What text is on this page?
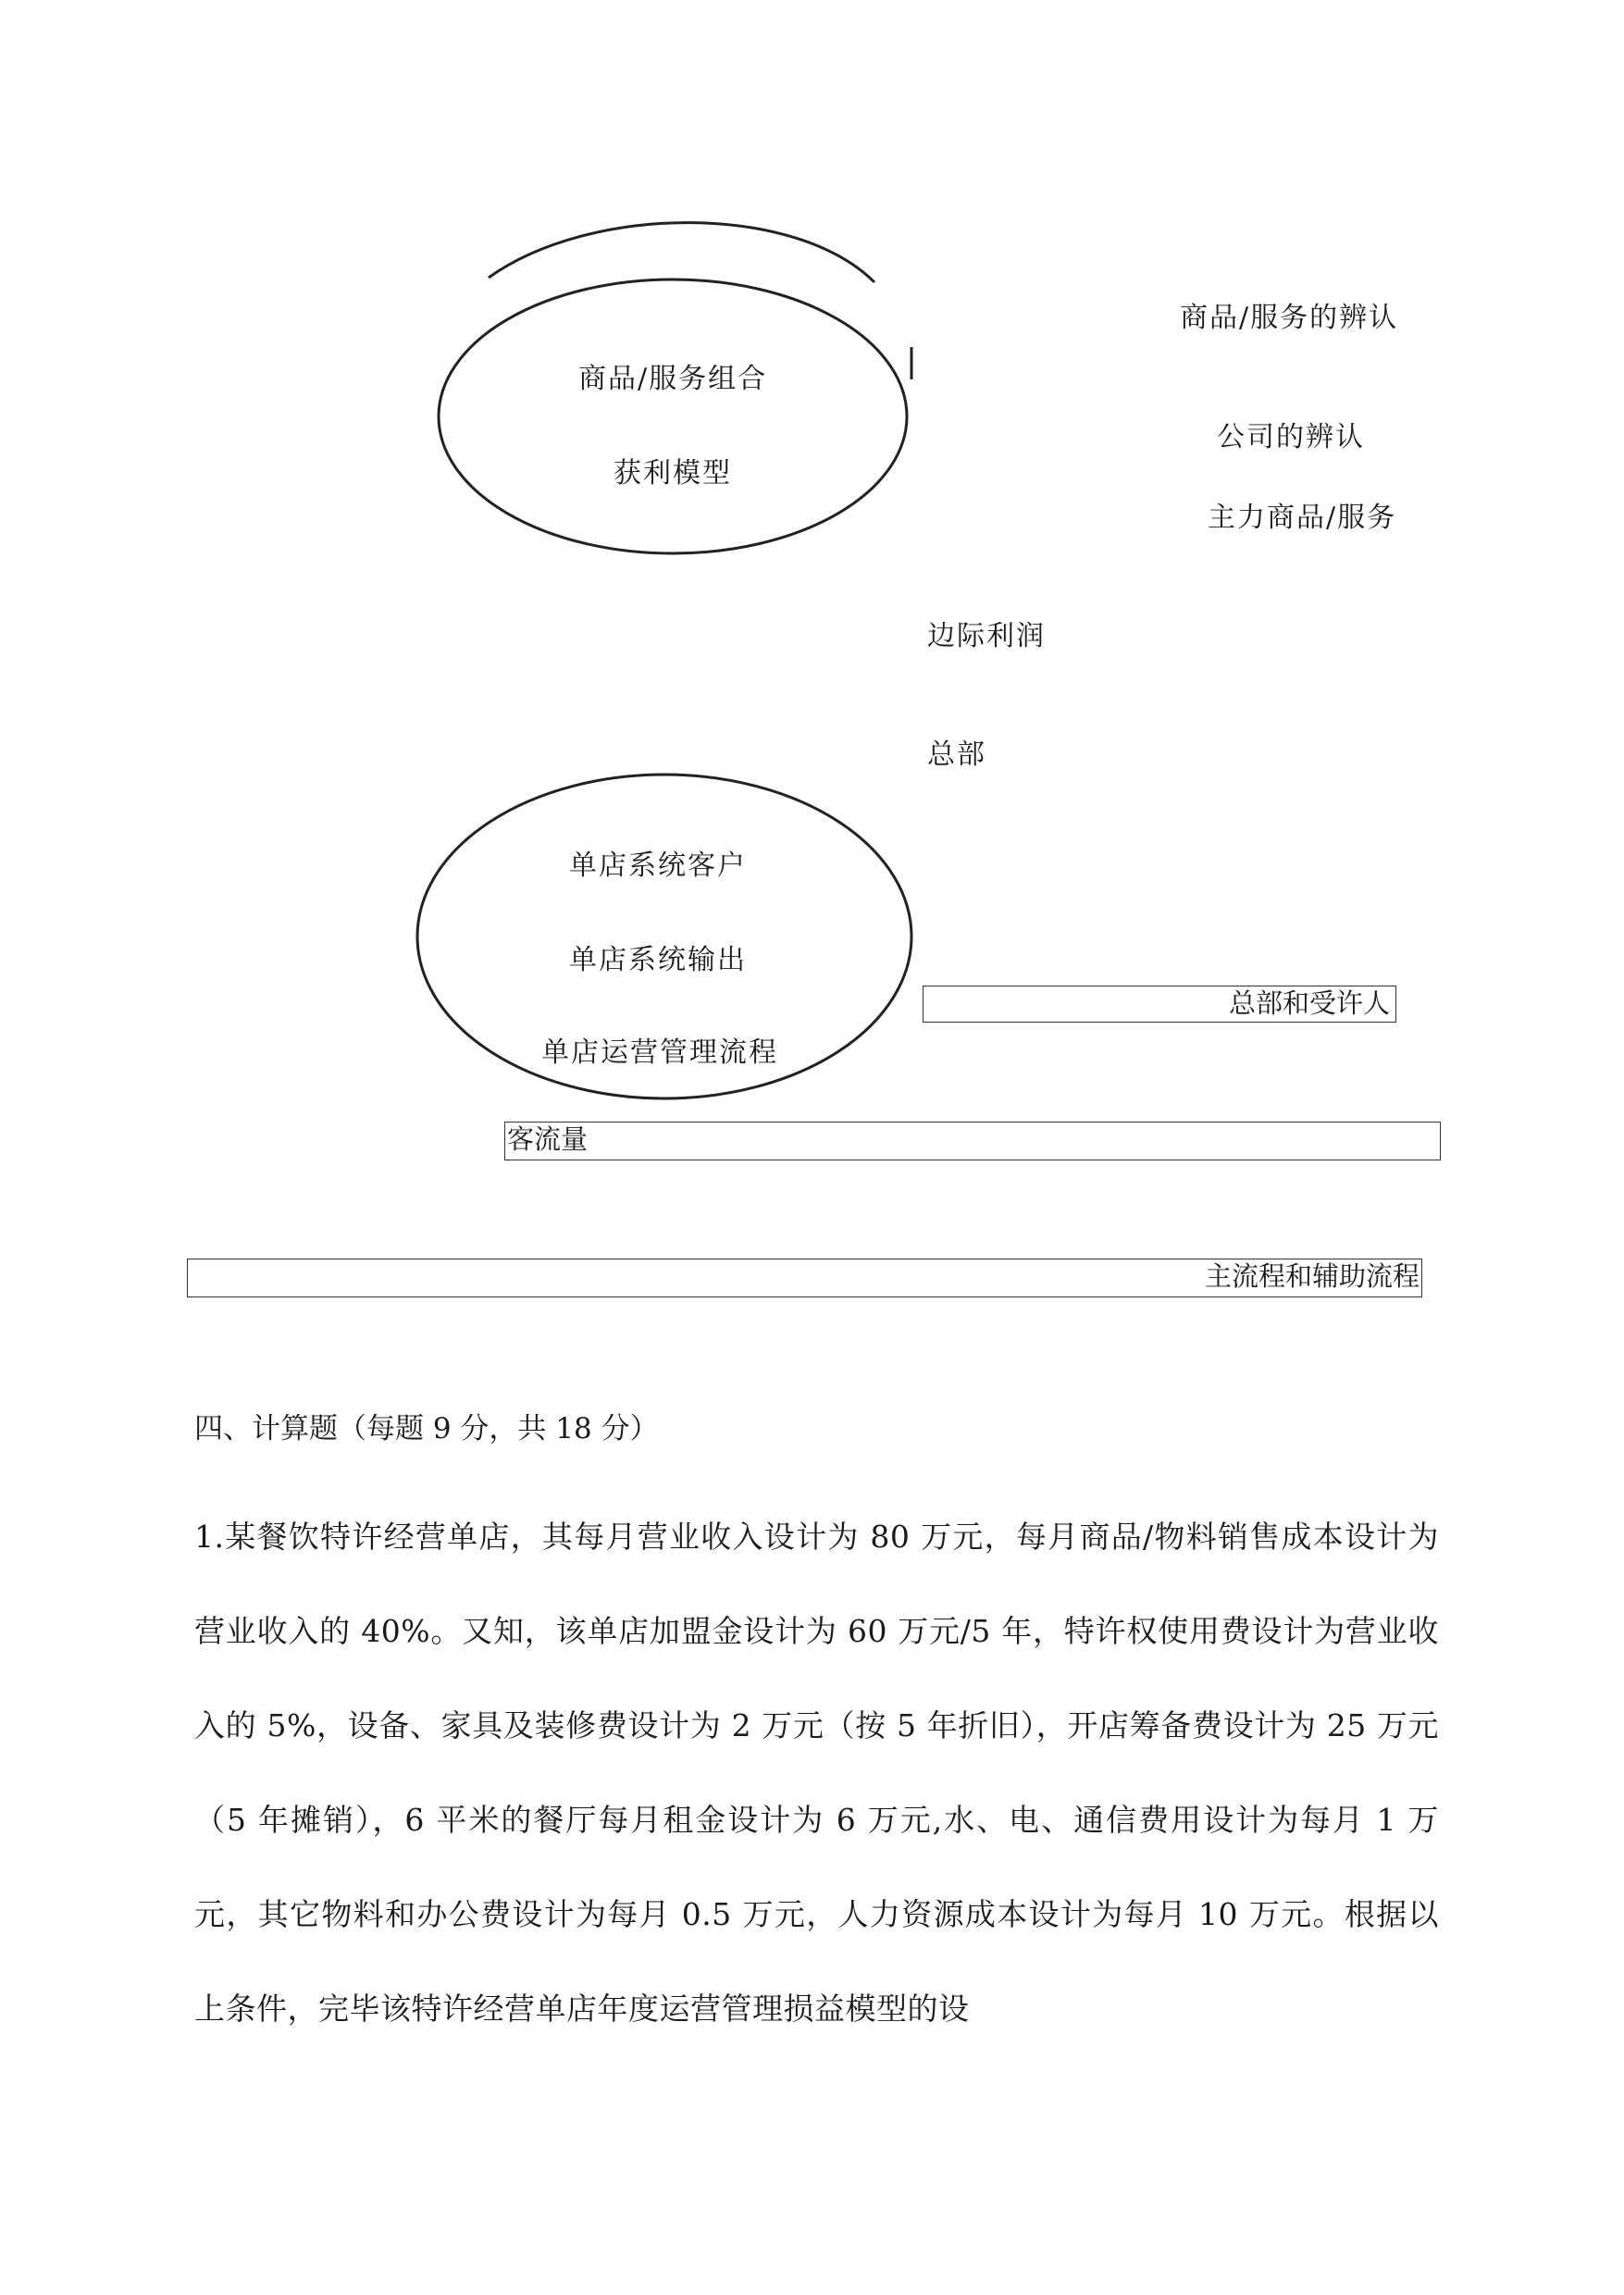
商品/服务组合
获利模型
商品/服务的辨认
公司的辨认
主力商品/服务
边际利润
总部
单店系统客户
单店系统输出
单店运营管理流程
总部和受许人
客流量
主流程和辅助流程
四、计算题（每题 9 分，共 18 分）
1.某餐饮特许经营单店，其每月营业收入设计为 80 万元，每月商品/物料销售成本设计为营业收入的 40%。又知，该单店加盟金设计为 60 万元/5 年，特许权使用费设计为营业收入的 5%，设备、家具及装修费设计为 2 万元（按 5 年折旧），开店筹备费设计为 25 万元（5 年摊销），6 平米的餐厅每月租金设计为 6 万元,水、电、通信费用设计为每月 1 万元，其它物料和办公费设计为每月 0.5 万元，人力资源成本设计为每月 10 万元。根据以上条件，完毕该特许经营单店年度运营管理损益模型的设
